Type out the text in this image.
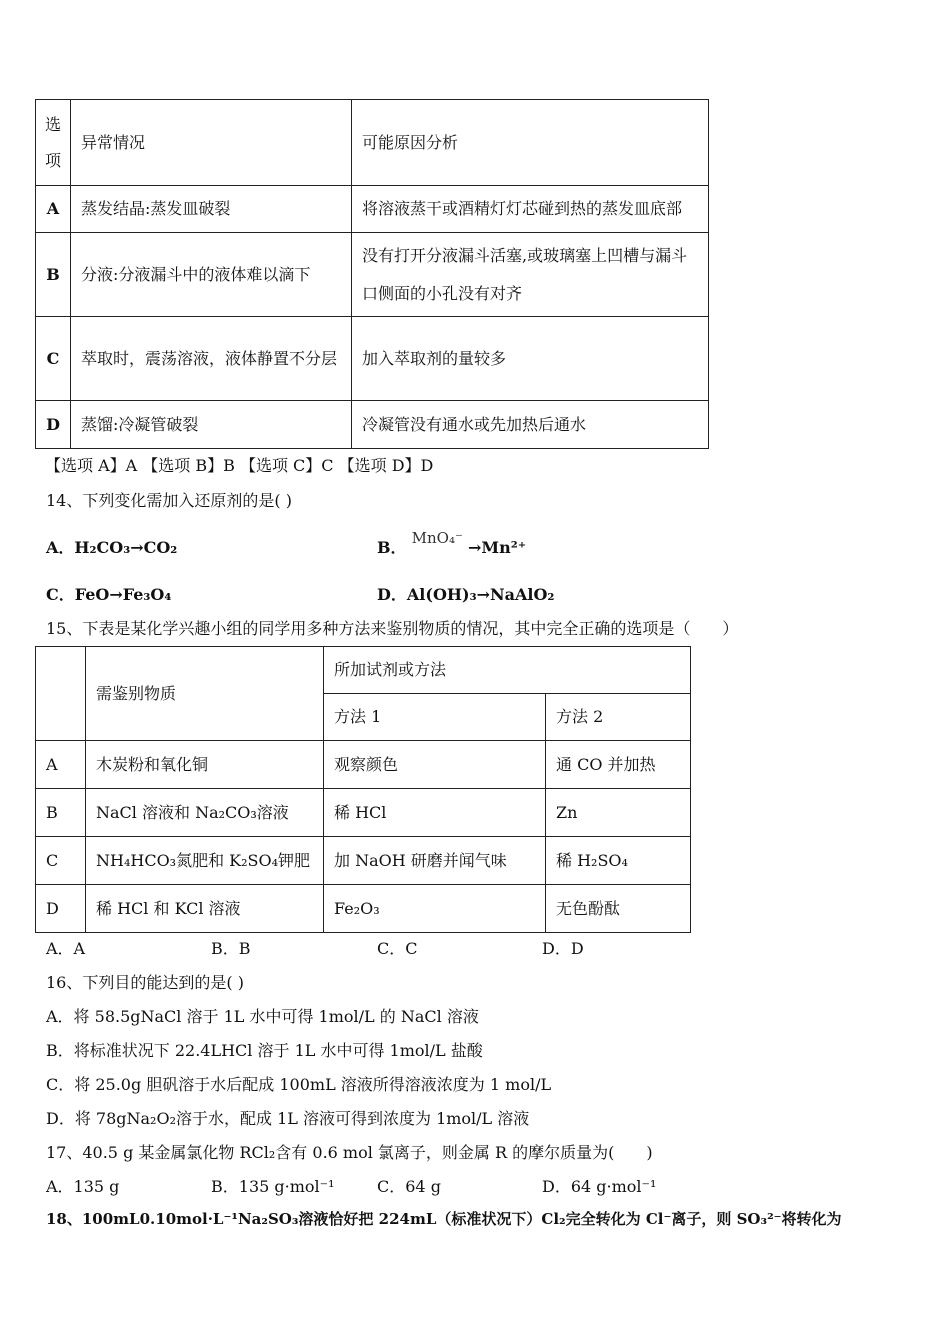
选项	异常情况	可能原因分析
A	蒸发结晶:蒸发皿破裂	将溶液蒸干或酒精灯灯芯碰到热的蒸发皿底部
B	分液:分液漏斗中的液体难以滴下	没有打开分液漏斗活塞,或玻璃塞上凹槽与漏斗口侧面的小孔没有对齐
C	萃取时，震荡溶液，液体静置不分层	加入萃取剂的量较多
D	蒸馏:冷凝管破裂	冷凝管没有通水或先加热后通水
【选项 A】A 【选项 B】B 【选项 C】C 【选项 D】D
14、下列变化需加入还原剂的是( )
A．H₂CO₃→CO₂	B． MnO₄⁻ →Mn²⁺
C．FeO→Fe₃O₄	D．Al(OH)₃→NaAlO₂
15、下表是某化学兴趣小组的同学用多种方法来鉴别物质的情况，其中完全正确的选项是（　　）
	需鉴别物质	所加试剂或方法	
		方法 1	方法 2
A	木炭粉和氧化铜	观察颜色	通 CO 并加热
B	NaCl 溶液和 Na₂CO₃溶液	稀 HCl	Zn
C	NH₄HCO₃氮肥和 K₂SO₄钾肥	加 NaOH 研磨并闻气味	稀 H₂SO₄
D	稀 HCl 和 KCl 溶液	Fe₂O₃	无色酚酞
A．A	B．B	C．C	D．D
16、下列目的能达到的是( )
A．将 58.5gNaCl 溶于 1L 水中可得 1mol/L 的 NaCl 溶液
B．将标准状况下 22.4LHCl 溶于 1L 水中可得 1mol/L 盐酸
C．将 25.0g 胆矾溶于水后配成 100mL 溶液所得溶液浓度为 1 mol/L
D．将 78gNa₂O₂溶于水，配成 1L 溶液可得到浓度为 1mol/L 溶液
17、40.5 g 某金属氯化物 RCl₂含有 0.6 mol 氯离子，则金属 R 的摩尔质量为(　　)
A．135 g	B．135 g·mol⁻¹	C．64 g	D．64 g·mol⁻¹
18、100mL0.10mol·L⁻¹Na₂SO₃溶液恰好把 224mL（标准状况下）Cl₂完全转化为 Cl⁻离子，则 SO₃²⁻将转化为
